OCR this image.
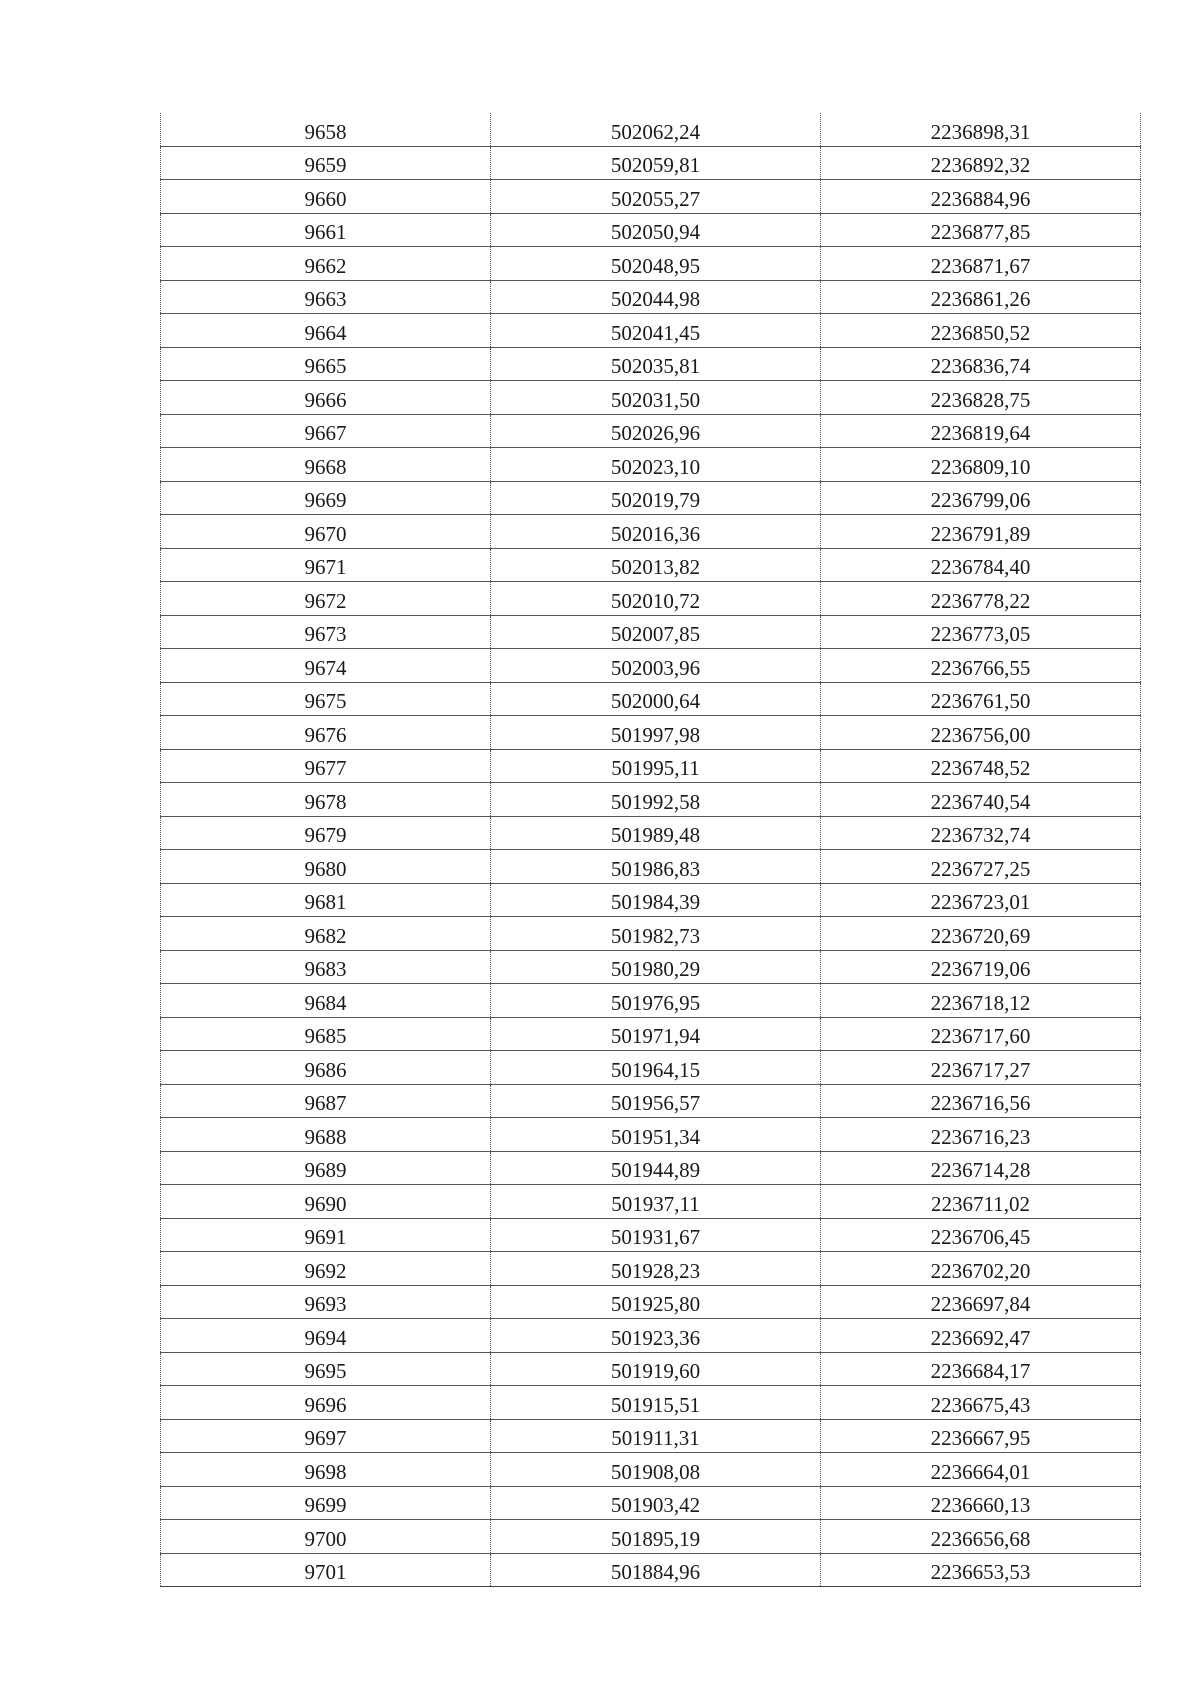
9658	502062,24	2236898,31
9659	502059,81	2236892,32
9660	502055,27	2236884,96
9661	502050,94	2236877,85
9662	502048,95	2236871,67
9663	502044,98	2236861,26
9664	502041,45	2236850,52
9665	502035,81	2236836,74
9666	502031,50	2236828,75
9667	502026,96	2236819,64
9668	502023,10	2236809,10
9669	502019,79	2236799,06
9670	502016,36	2236791,89
9671	502013,82	2236784,40
9672	502010,72	2236778,22
9673	502007,85	2236773,05
9674	502003,96	2236766,55
9675	502000,64	2236761,50
9676	501997,98	2236756,00
9677	501995,11	2236748,52
9678	501992,58	2236740,54
9679	501989,48	2236732,74
9680	501986,83	2236727,25
9681	501984,39	2236723,01
9682	501982,73	2236720,69
9683	501980,29	2236719,06
9684	501976,95	2236718,12
9685	501971,94	2236717,60
9686	501964,15	2236717,27
9687	501956,57	2236716,56
9688	501951,34	2236716,23
9689	501944,89	2236714,28
9690	501937,11	2236711,02
9691	501931,67	2236706,45
9692	501928,23	2236702,20
9693	501925,80	2236697,84
9694	501923,36	2236692,47
9695	501919,60	2236684,17
9696	501915,51	2236675,43
9697	501911,31	2236667,95
9698	501908,08	2236664,01
9699	501903,42	2236660,13
9700	501895,19	2236656,68
9701	501884,96	2236653,53
